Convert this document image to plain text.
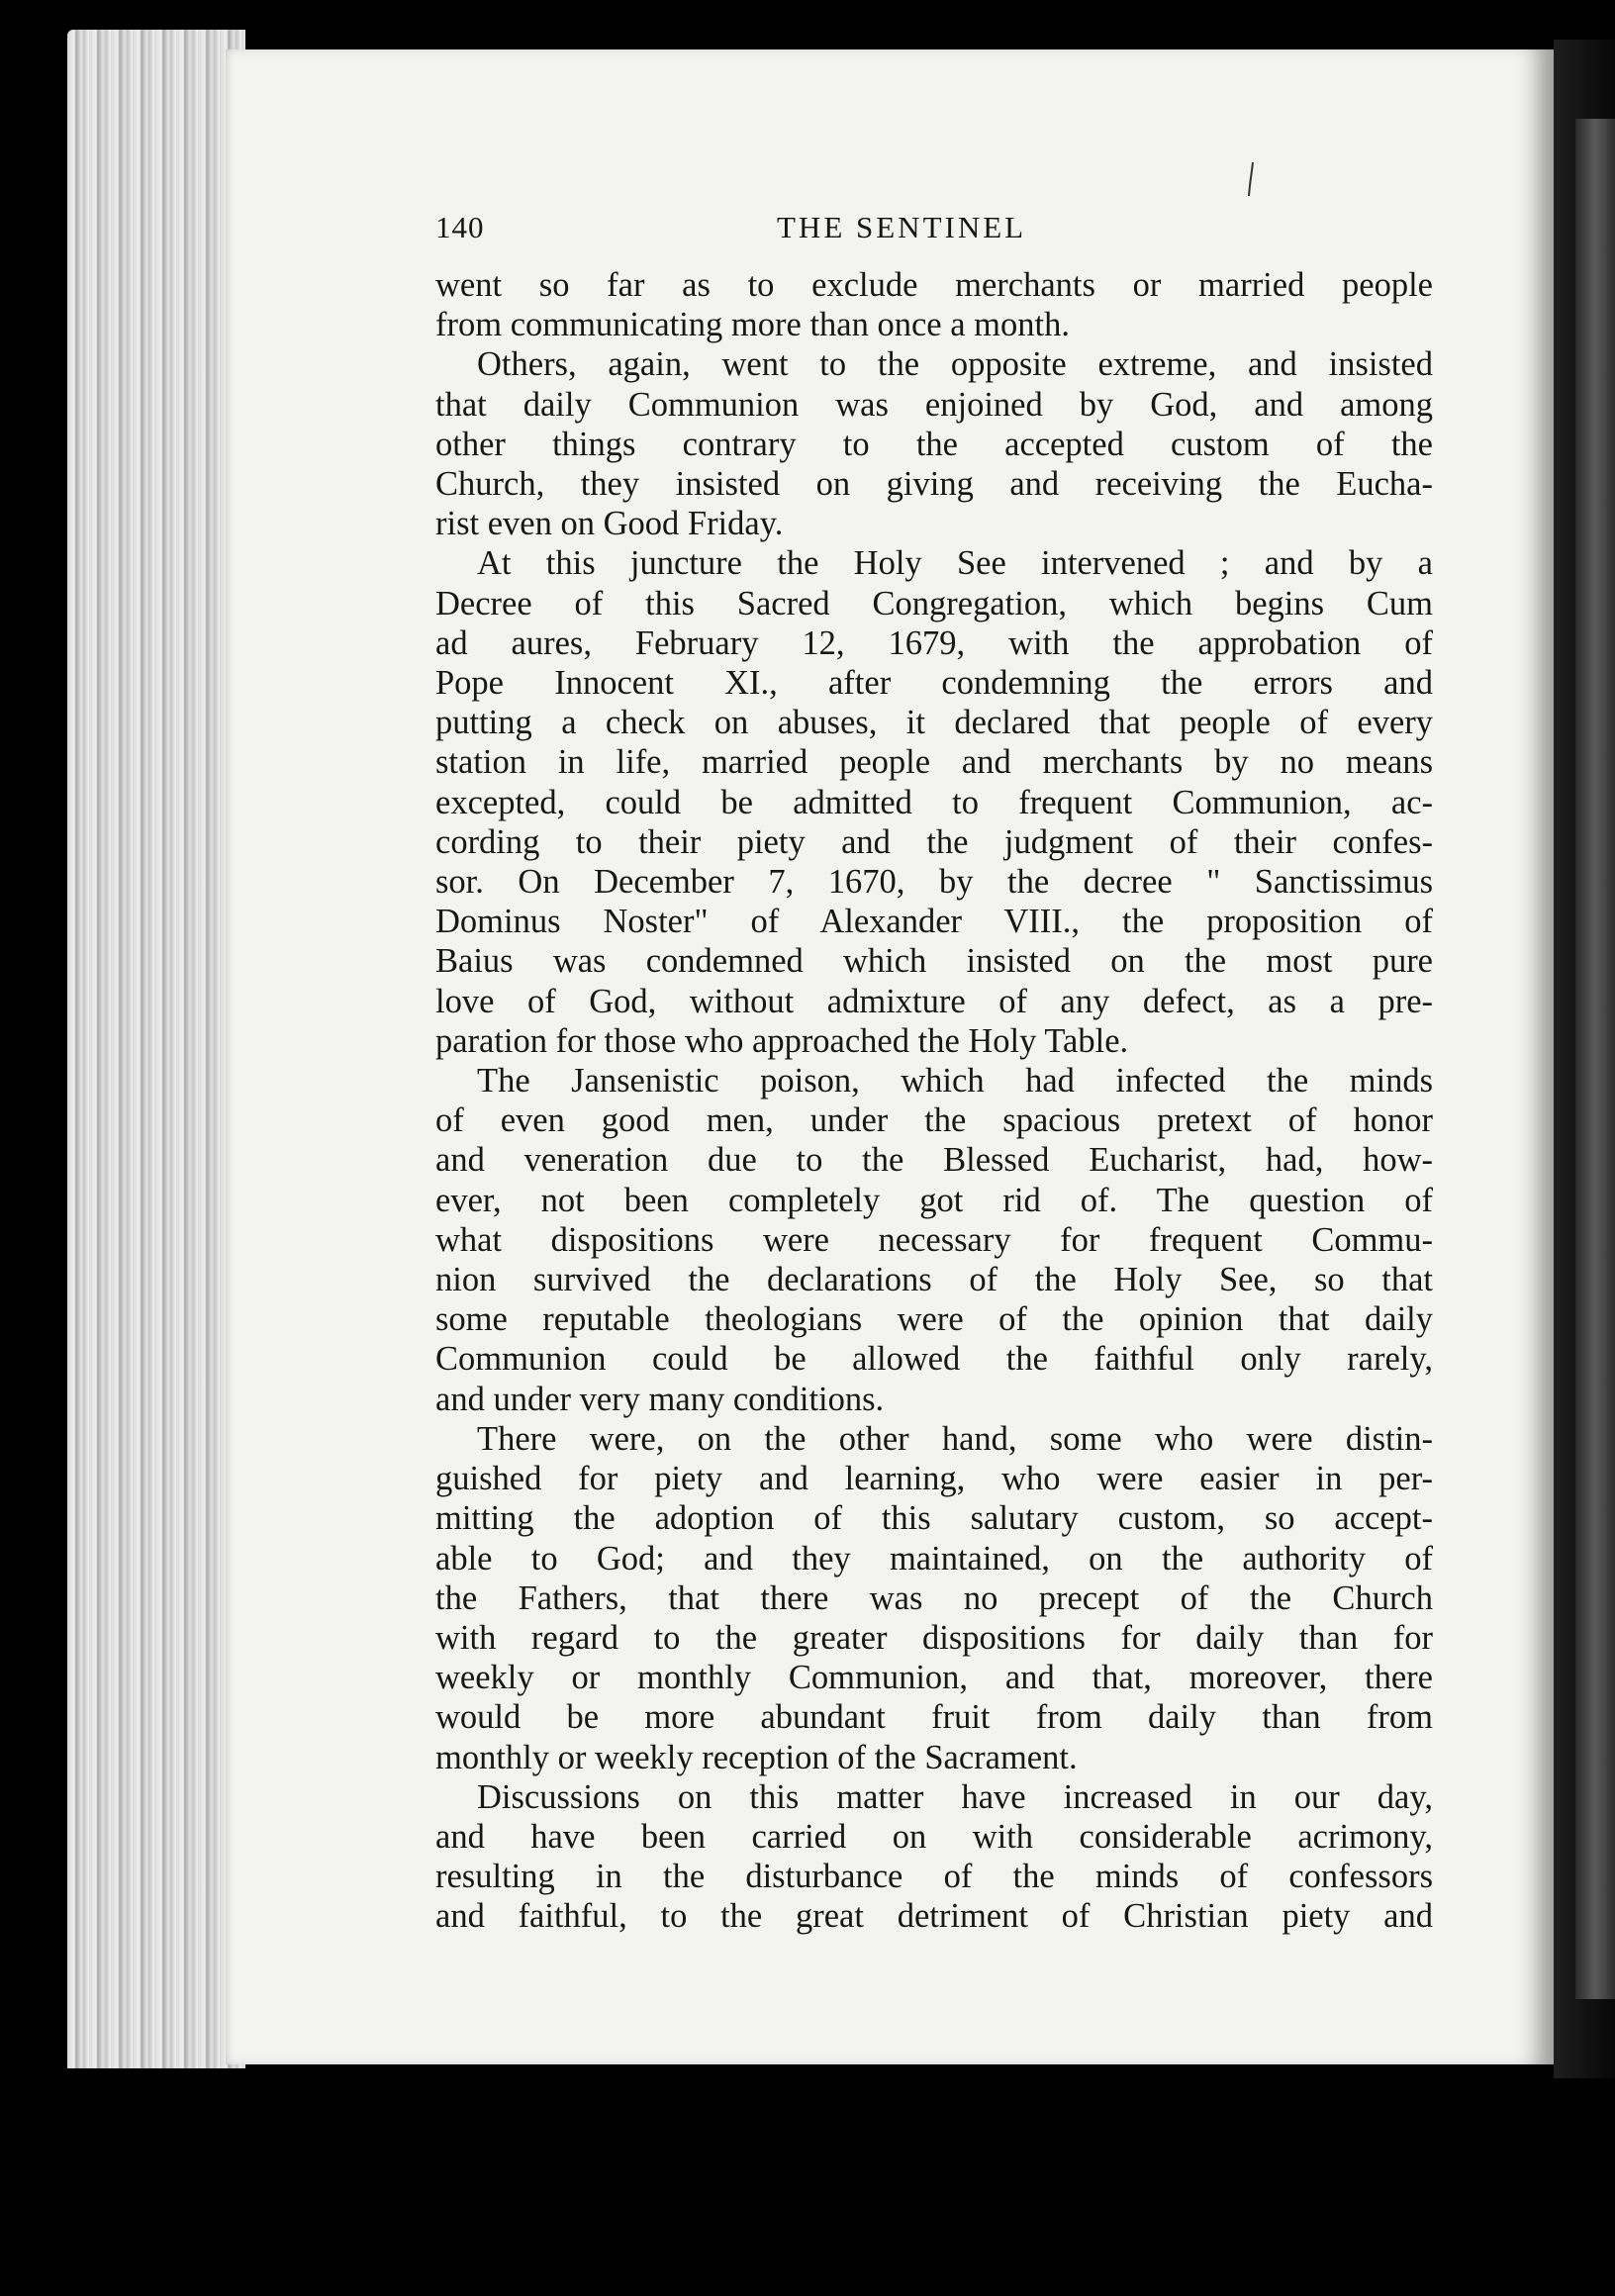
140	THE SENTINEL
went so far as to exclude merchants or married people
from communicating more than once a month.
Others, again, went to the opposite extreme, and insisted
that daily Communion was enjoined by God, and among
other things contrary to the accepted custom of the
Church, they insisted on giving and receiving the Eucha-
rist even on Good Friday.
At this juncture the Holy See intervened ; and by a
Decree of this Sacred Congregation, which begins Cum
ad aures, February 12, 1679, with the approbation of
Pope Innocent XI., after condemning the errors and
putting a check on abuses, it declared that people of every
station in life, married people and merchants by no means
excepted, could be admitted to frequent Communion, ac-
cording to their piety and the judgment of their confes-
sor. On December 7, 1670, by the decree " Sanctissimus
Dominus Noster" of Alexander VIII., the proposition of
Baius was condemned which insisted on the most pure
love of God, without admixture of any defect, as a pre-
paration for those who approached the Holy Table.
The Jansenistic poison, which had infected the minds
of even good men, under the spacious pretext of honor
and veneration due to the Blessed Eucharist, had, how-
ever, not been completely got rid of. The question of
what dispositions were necessary for frequent Commu-
nion survived the declarations of the Holy See, so that
some reputable theologians were of the opinion that daily
Communion could be allowed the faithful only rarely,
and under very many conditions.
There were, on the other hand, some who were distin-
guished for piety and learning, who were easier in per-
mitting the adoption of this salutary custom, so accept-
able to God; and they maintained, on the authority of
the Fathers, that there was no precept of the Church
with regard to the greater dispositions for daily than for
weekly or monthly Communion, and that, moreover, there
would be more abundant fruit from daily than from
monthly or weekly reception of the Sacrament.
Discussions on this matter have increased in our day,
and have been carried on with considerable acrimony,
resulting in the disturbance of the minds of confessors
and faithful, to the great detriment of Christian piety and
